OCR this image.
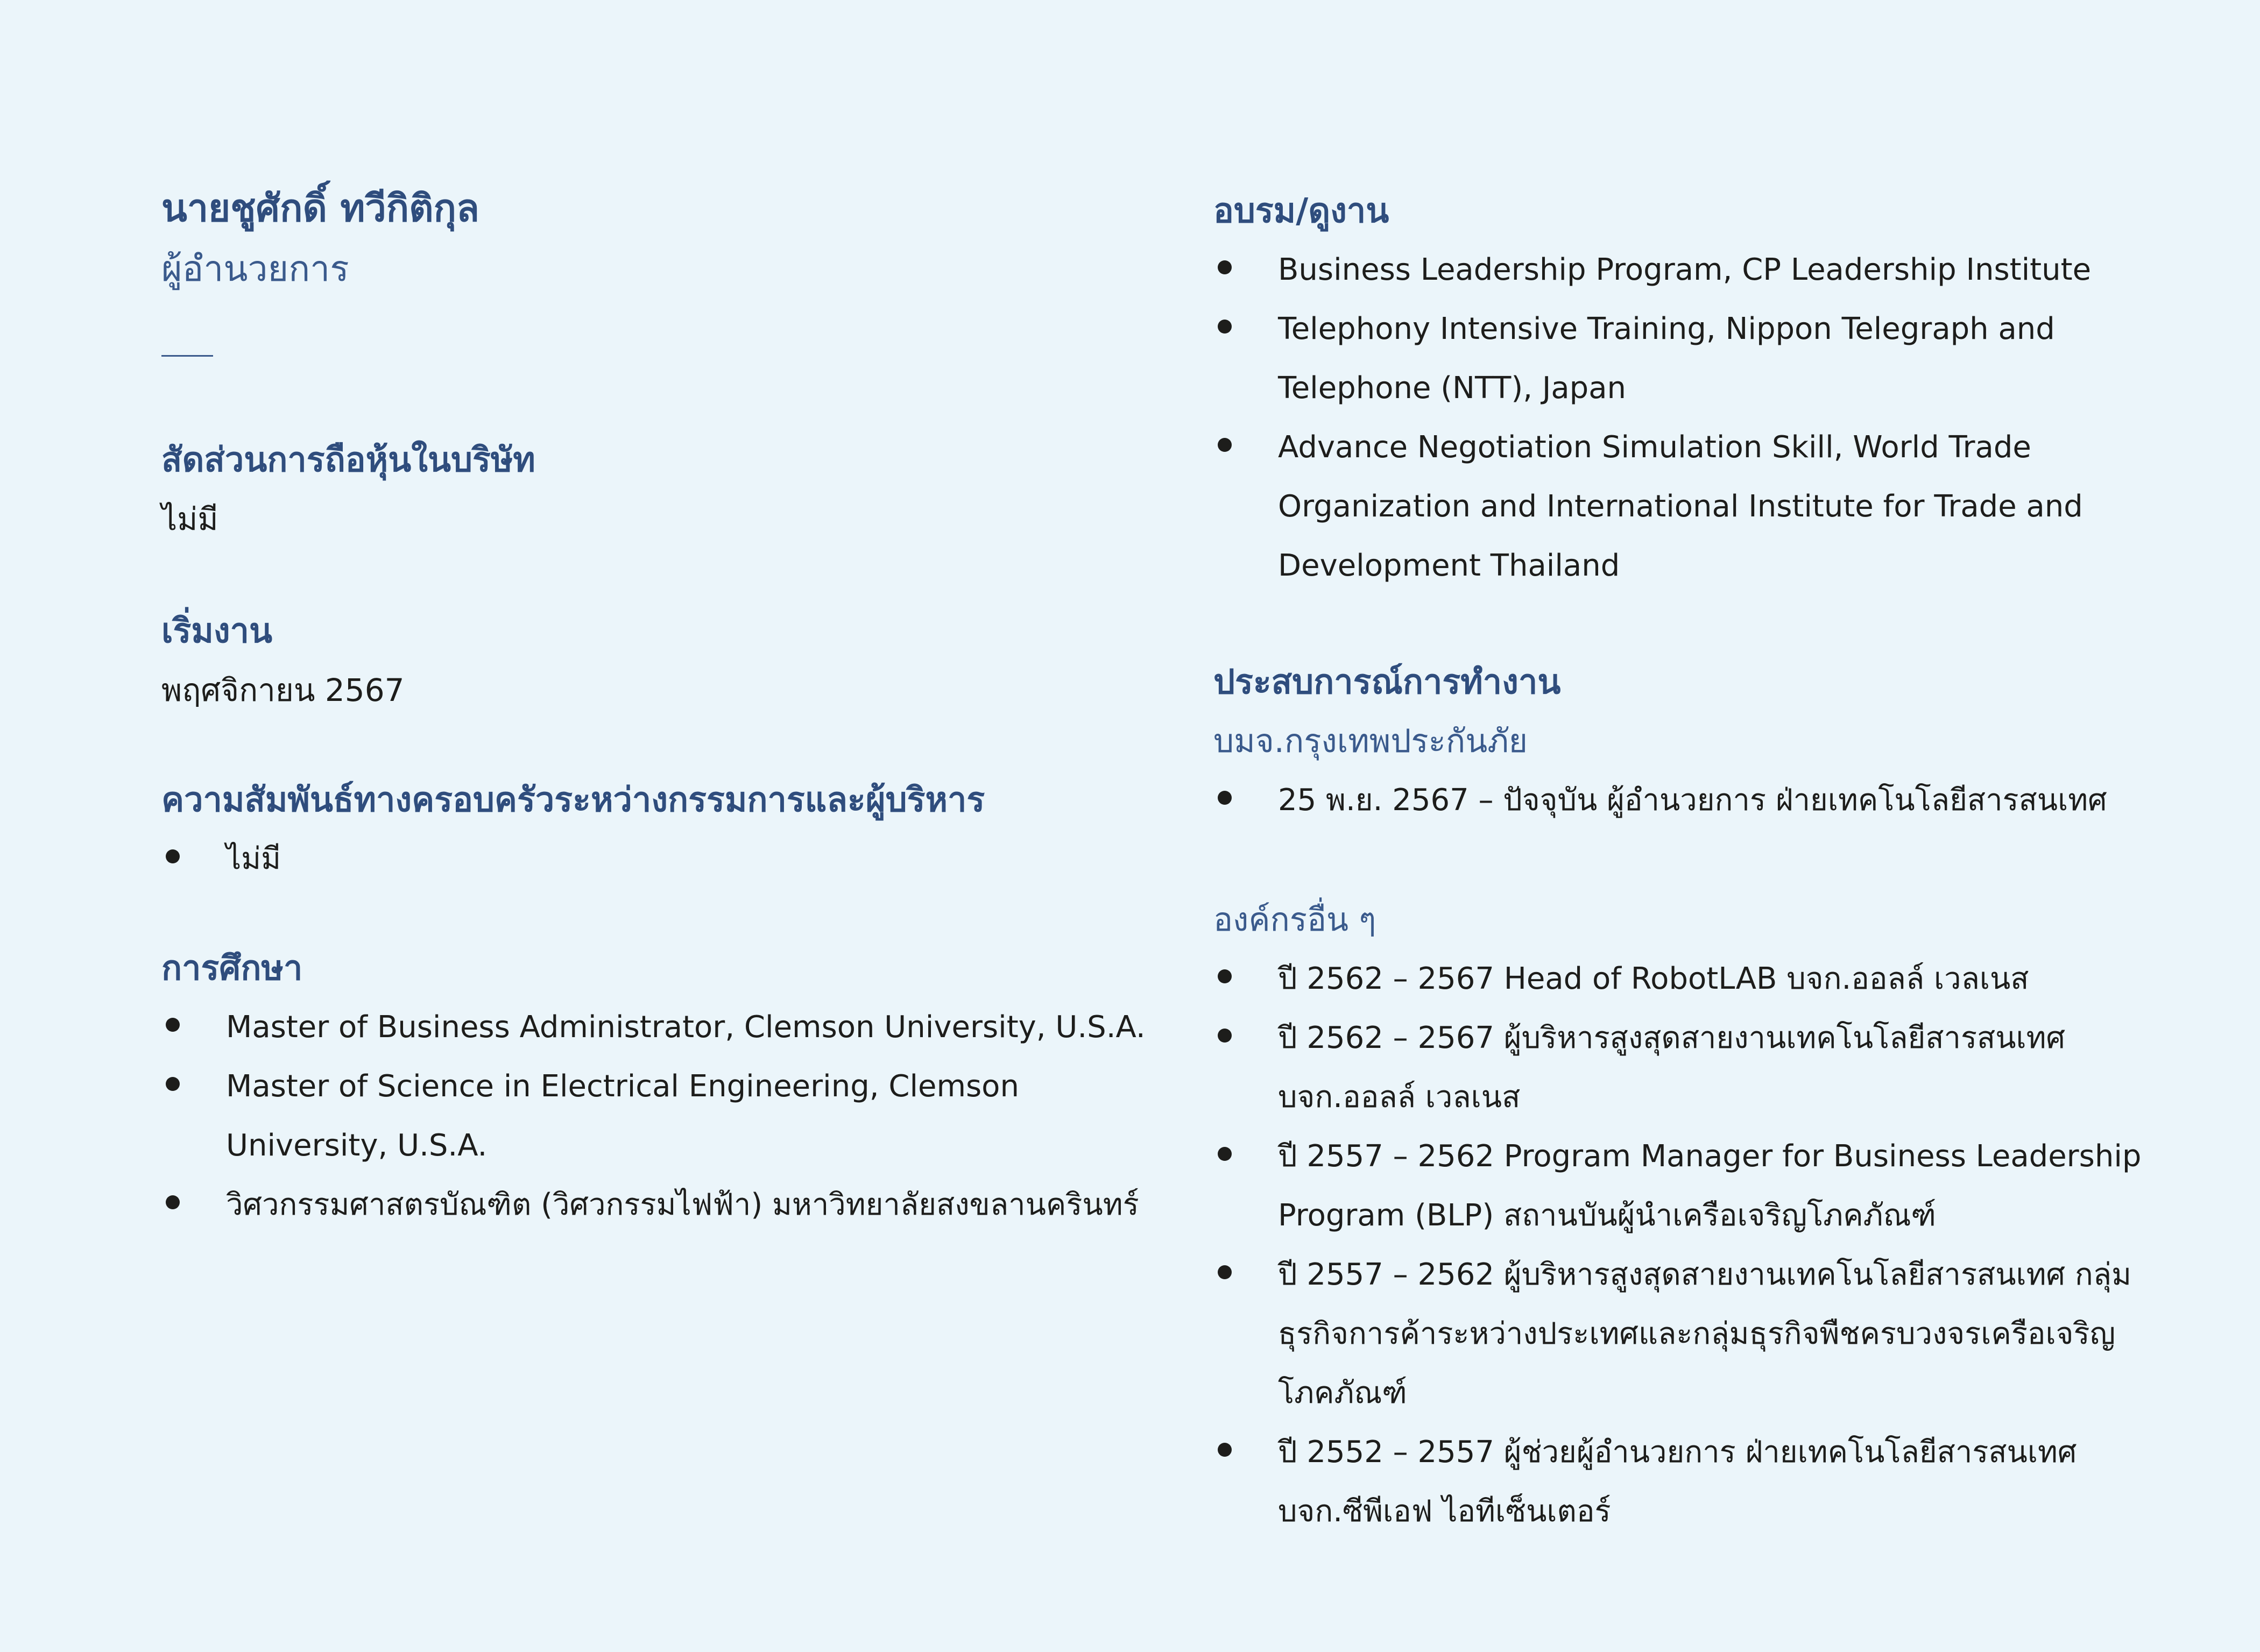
นายชูศักดิ์ ทวีกิติกุล
ผู้อำนวยการ
สัดส่วนการถือหุ้นในบริษัท
ไม่มี
เริ่มงาน
พฤศจิกายน 2567
ความสัมพันธ์ทางครอบครัวระหว่างกรรมการและผู้บริหาร
ไม่มี
การศึกษา
Master of Business Administrator, Clemson University, U.S.A.
Master of Science in Electrical Engineering, Clemson University, U.S.A.
วิศวกรรมศาสตรบัณฑิต (วิศวกรรมไฟฟ้า) มหาวิทยาลัยสงขลานครินทร์
อบรม/ดูงาน
Business Leadership Program, CP Leadership Institute
Telephony Intensive Training, Nippon Telegraph and Telephone (NTT), Japan
Advance Negotiation Simulation Skill, World Trade Organization and International Institute for Trade and Development Thailand
ประสบการณ์การทำงาน
บมจ.กรุงเทพประกันภัย
25 พ.ย. 2567 – ปัจจุบัน ผู้อำนวยการ ฝ่ายเทคโนโลยีสารสนเทศ
องค์กรอื่น ๆ
ปี 2562 – 2567 Head of RobotLAB บจก.ออลล์ เวลเนส
ปี 2562 – 2567 ผู้บริหารสูงสุดสายงานเทคโนโลยีสารสนเทศ บจก.ออลล์ เวลเนส
ปี 2557 – 2562 Program Manager for Business Leadership Program (BLP) สถานบันผู้นำเครือเจริญโภคภัณฑ์
ปี 2557 – 2562 ผู้บริหารสูงสุดสายงานเทคโนโลยีสารสนเทศ กลุ่มธุรกิจการค้าระหว่างประเทศและกลุ่มธุรกิจพืชครบวงจรเครือเจริญโภคภัณฑ์
ปี 2552 – 2557 ผู้ช่วยผู้อำนวยการ ฝ่ายเทคโนโลยีสารสนเทศ บจก.ซีพีเอฟ ไอทีเซ็นเตอร์
